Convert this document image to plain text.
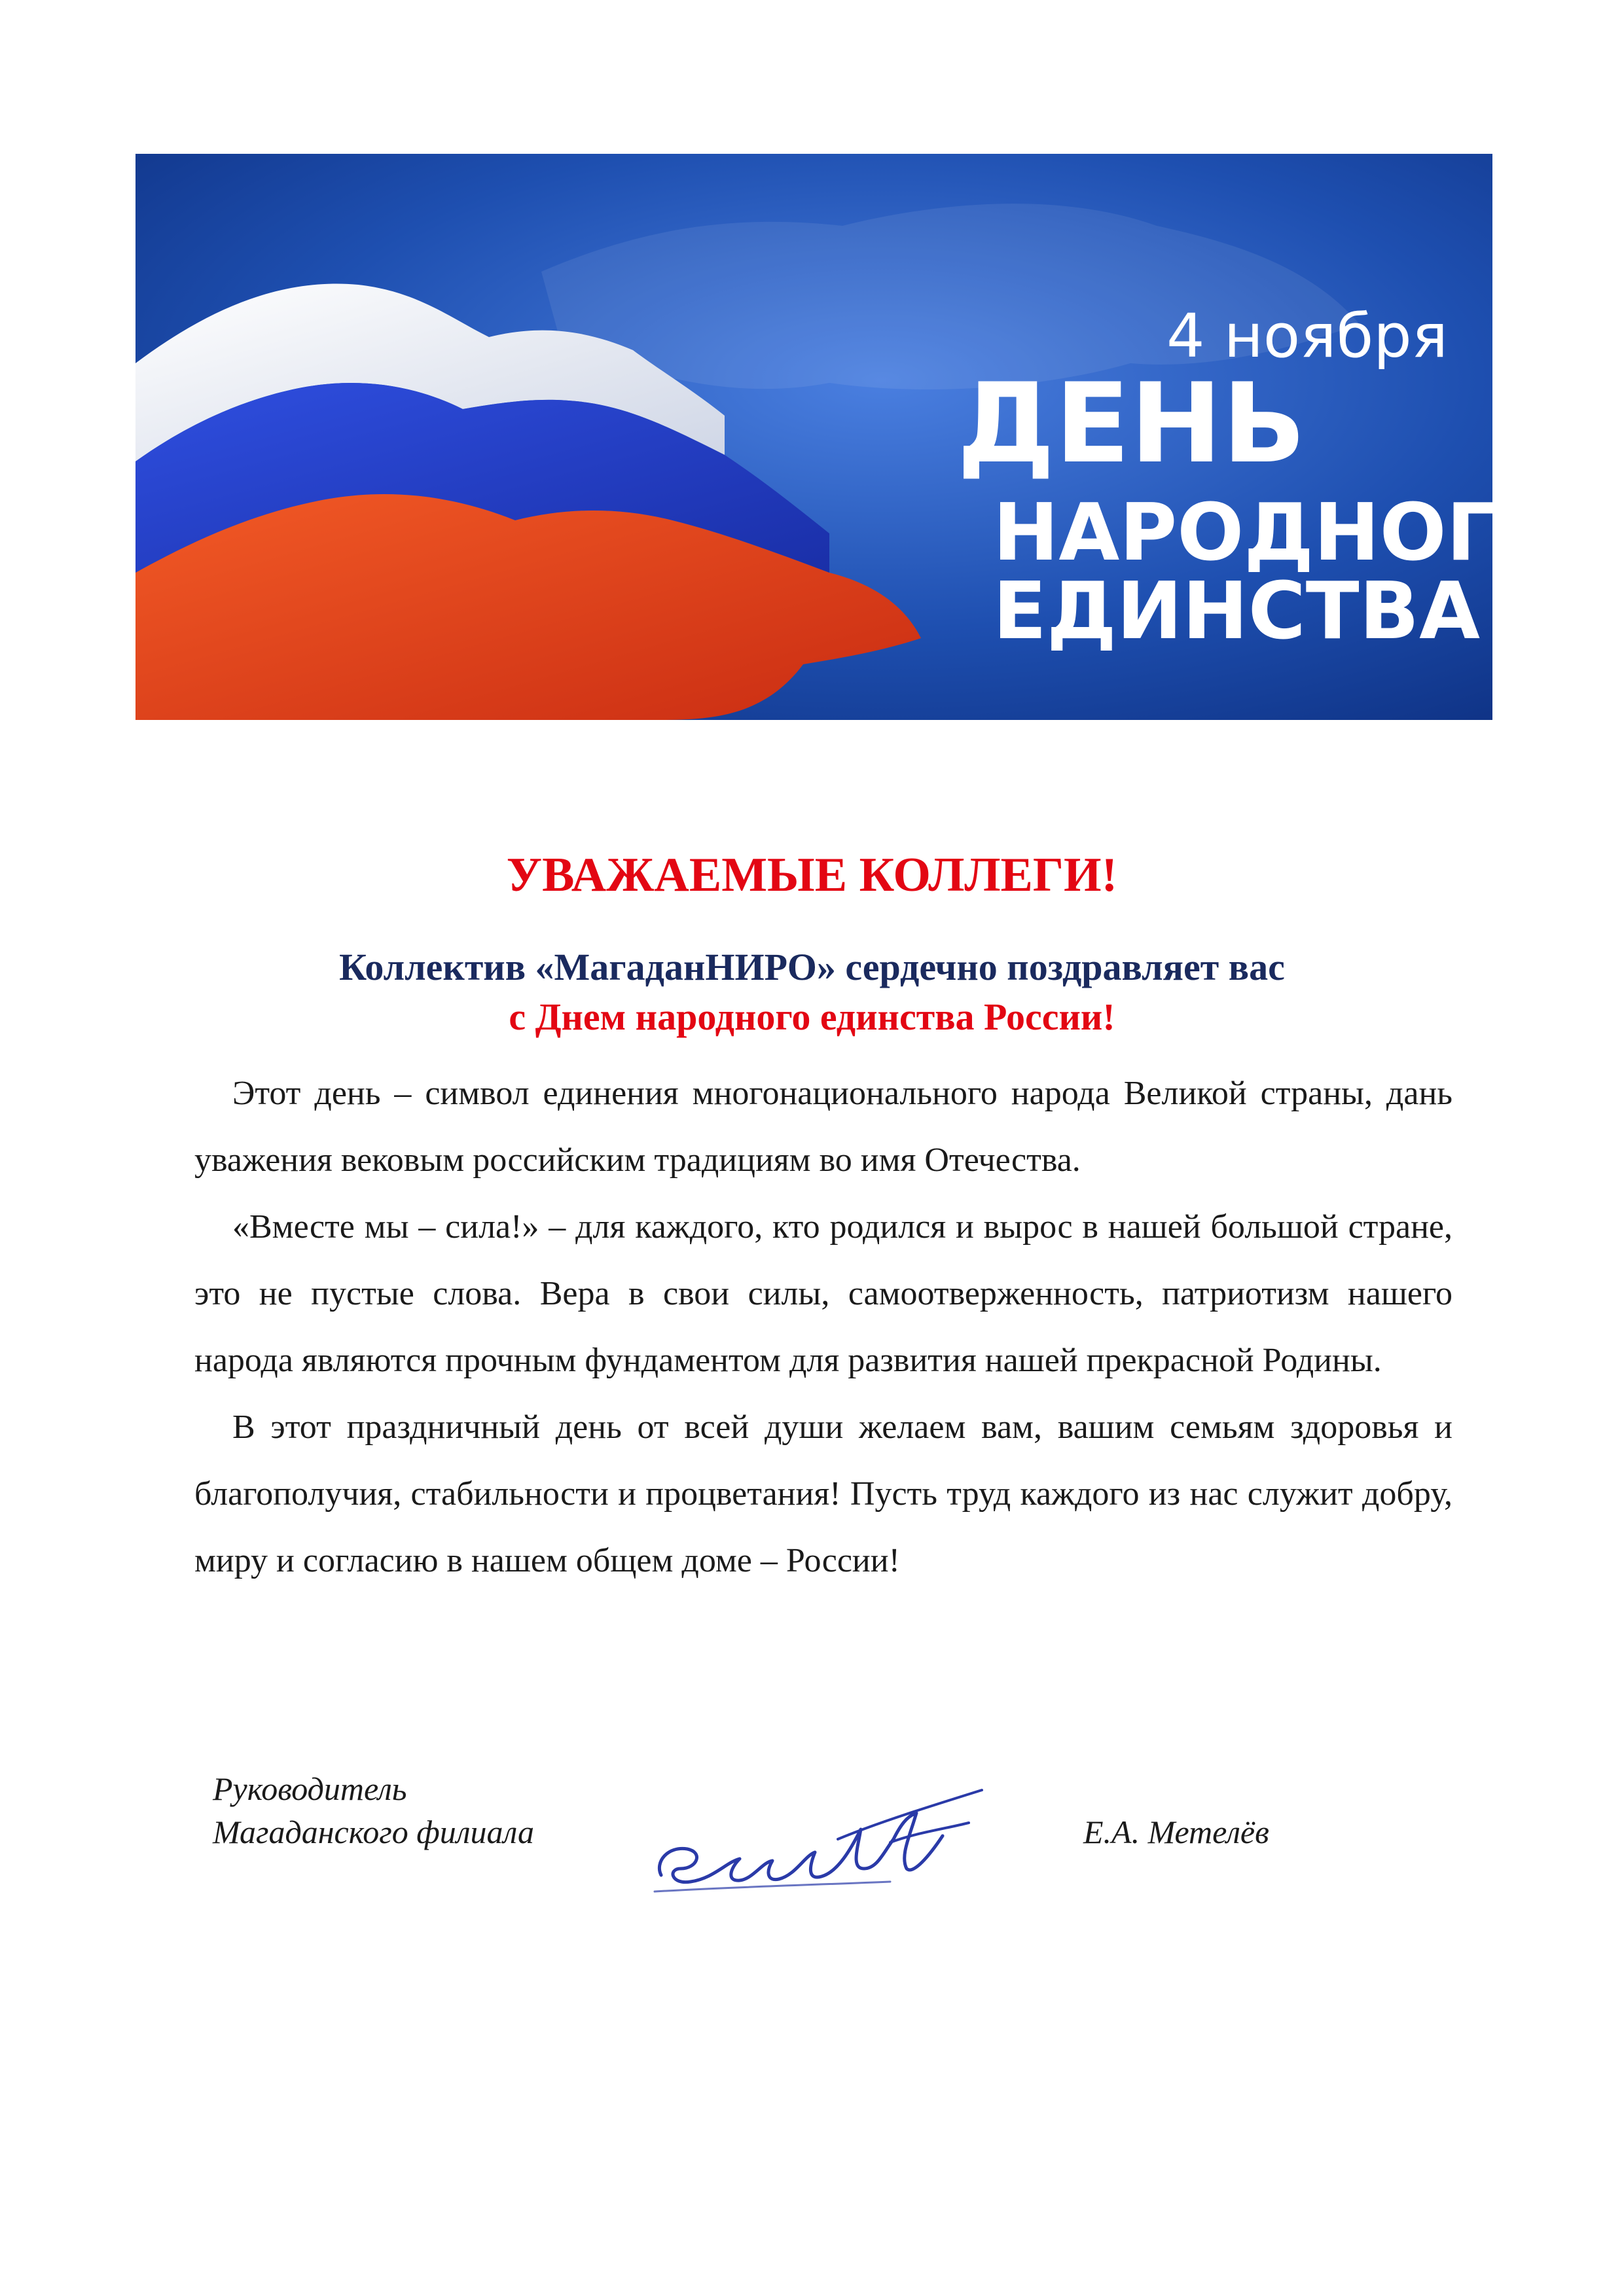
4 ноября
ДЕНЬ
НАРОДНОГО
ЕДИНСТВА
УВАЖАЕМЫЕ КОЛЛЕГИ!
Коллектив «МагаданНИРО» сердечно поздравляет вас
с Днем народного единства России!

Этот день – символ единения многонационального народа Великой страны, дань уважения вековым российским традициям во имя Отечества.

«Вместе мы – сила!» – для каждого, кто родился и вырос в нашей большой стране, это не пустые слова. Вера в свои силы, самоотверженность, патриотизм нашего народа являются прочным фундаментом для развития нашей прекрасной Родины.

В этот праздничный день от всей души желаем вам, вашим семьям здоровья и благополучия, стабильности и процветания! Пусть труд каждого из нас служит добру, миру и согласию в нашем общем доме – России!

Руководитель
Магаданского филиала	Е.А. Метелёв
